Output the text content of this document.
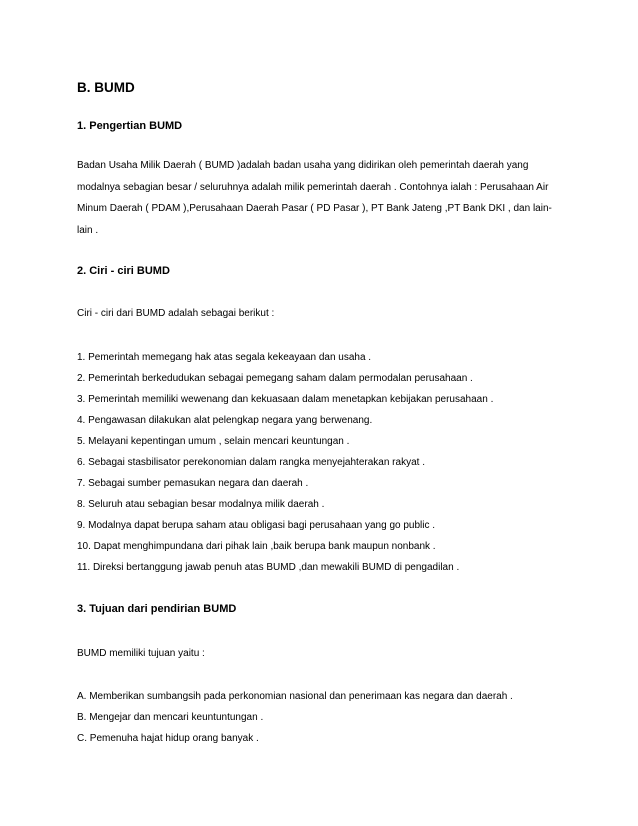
B. BUMD
1. Pengertian BUMD
Badan Usaha Milik Daerah ( BUMD )adalah badan usaha yang didirikan oleh pemerintah daerah yang modalnya sebagian besar / seluruhnya adalah milik pemerintah daerah . Contohnya ialah : Perusahaan Air Minum Daerah ( PDAM ),Perusahaan Daerah Pasar ( PD Pasar ), PT Bank Jateng ,PT Bank DKI , dan lain-lain .
2. Ciri - ciri BUMD
Ciri - ciri dari BUMD adalah sebagai berikut :
1. Pemerintah memegang hak atas segala kekeayaan dan usaha .
2. Pemerintah berkedudukan sebagai pemegang saham dalam permodalan perusahaan .
3. Pemerintah memiliki wewenang dan kekuasaan dalam menetapkan kebijakan perusahaan .
4. Pengawasan dilakukan alat pelengkap negara yang berwenang.
5. Melayani kepentingan umum , selain mencari keuntungan .
6. Sebagai stasbilisator perekonomian dalam rangka menyejahterakan rakyat .
7. Sebagai sumber pemasukan negara dan daerah .
8. Seluruh atau sebagian besar modalnya milik daerah .
9. Modalnya dapat berupa saham atau obligasi bagi perusahaan yang go public .
10. Dapat menghimpundana dari pihak lain ,baik berupa bank maupun nonbank .
11. Direksi bertanggung jawab penuh atas BUMD ,dan mewakili BUMD di pengadilan .
3. Tujuan dari pendirian BUMD
BUMD memiliki tujuan yaitu :
A. Memberikan sumbangsih pada perkonomian nasional dan penerimaan kas negara dan daerah .
B. Mengejar dan mencari keuntuntungan .
C. Pemenuha hajat hidup orang banyak .
